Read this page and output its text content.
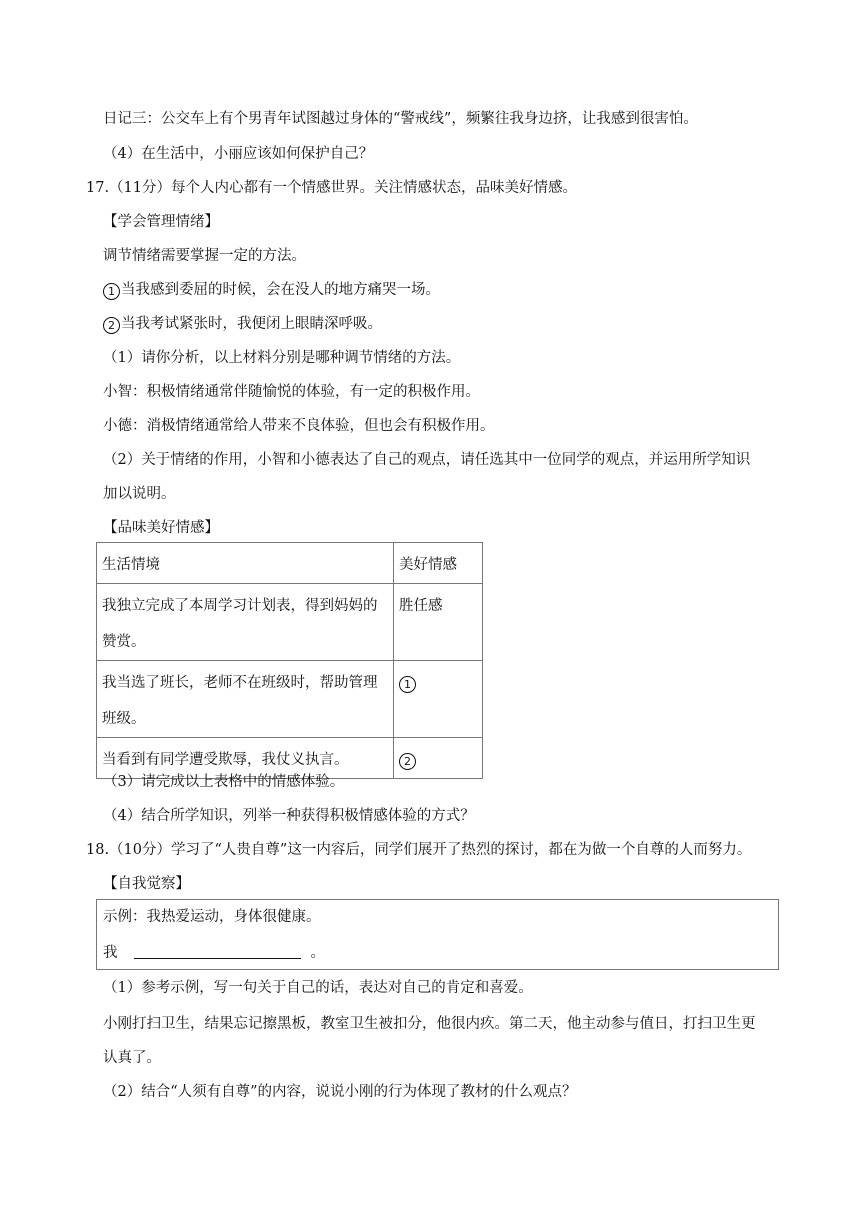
日记三：公交车上有个男青年试图越过身体的“警戒线”，频繁往我身边挤，让我感到很害怕。
（4）在生活中，小丽应该如何保护自己？
17.（11分）每个人内心都有一个情感世界。关注情感状态，品味美好情感。
【学会管理情绪】
调节情绪需要掌握一定的方法。
1 当我感到委屈的时候，会在没人的地方痛哭一场。
2 当我考试紧张时，我便闭上眼睛深呼吸。
（1）请你分析，以上材料分别是哪种调节情绪的方法。
小智：积极情绪通常伴随愉悦的体验，有一定的积极作用。
小德：消极情绪通常给人带来不良体验，但也会有积极作用。
（2）关于情绪的作用，小智和小德表达了自己的观点，请任选其中一位同学的观点，并运用所学知识
加以说明。
【品味美好情感】
生活情境	美好情感
我独立完成了本周学习计划表，得到妈妈的赞赏。	胜任感
我当选了班长，老师不在班级时，帮助管理班级。	1
当看到有同学遭受欺辱，我仗义执言。	2
（3）请完成以上表格中的情感体验。
（4）结合所学知识，列举一种获得积极情感体验的方式？
18.（10分）学习了“人贵自尊”这一内容后，同学们展开了热烈的探讨，都在为做一个自尊的人而努力。
【自我觉察】
示例：我热爱运动，身体很健康。
我	。
（1）参考示例，写一句关于自己的话，表达对自己的肯定和喜爱。
小刚打扫卫生，结果忘记擦黑板，教室卫生被扣分，他很内疚。第二天，他主动参与值日，打扫卫生更
认真了。
（2）结合“人须有自尊”的内容，说说小刚的行为体现了教材的什么观点？
